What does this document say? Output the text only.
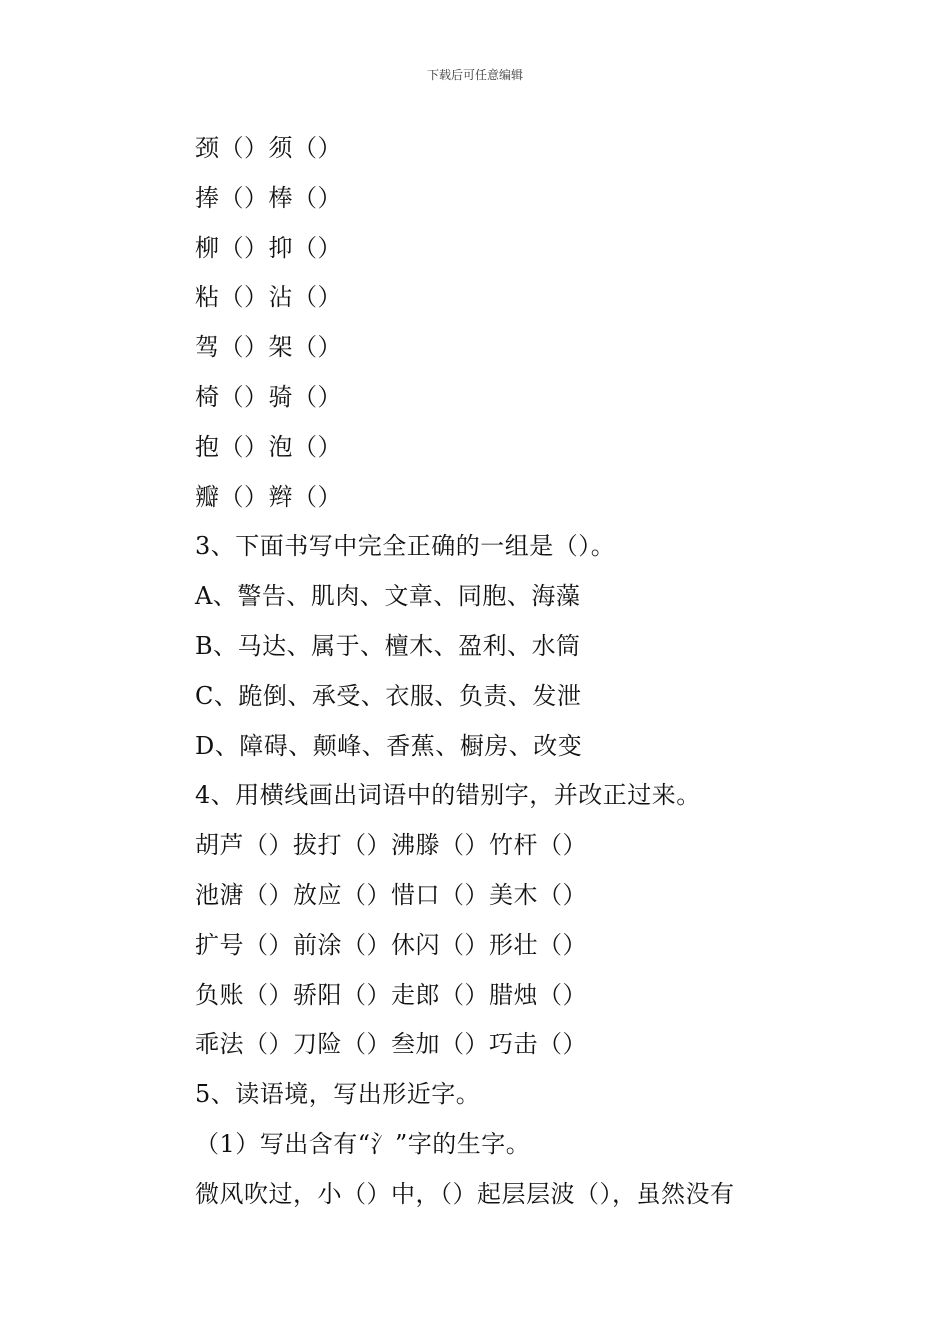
下载后可任意编辑
颈（）须（）
捧（）棒（）
柳（）抑（）
粘（）沾（）
驾（）架（）
椅（）骑（）
抱（）泡（）
瓣（）辫（）
3、下面书写中完全正确的一组是（）。
A、警告、肌肉、文章、同胞、海藻
B、马达、属于、檀木、盈利、水筒
C、跪倒、承受、衣服、负责、发泄
D、障碍、颠峰、香蕉、橱房、改变
4、用横线画出词语中的错别字，并改正过来。
胡芦（）拔打（）沸滕（）竹杆（）
池溏（）放应（）惜口（）美木（）
扩号（）前涂（）休闪（）形壮（）
负账（）骄阳（）走郎（）腊烛（）
乖法（）刀险（）叁加（）巧击（）
5、读语境，写出形近字。
（1）写出含有“氵”字的生字。
微风吹过，小（）中，（）起层层波（），虽然没有
